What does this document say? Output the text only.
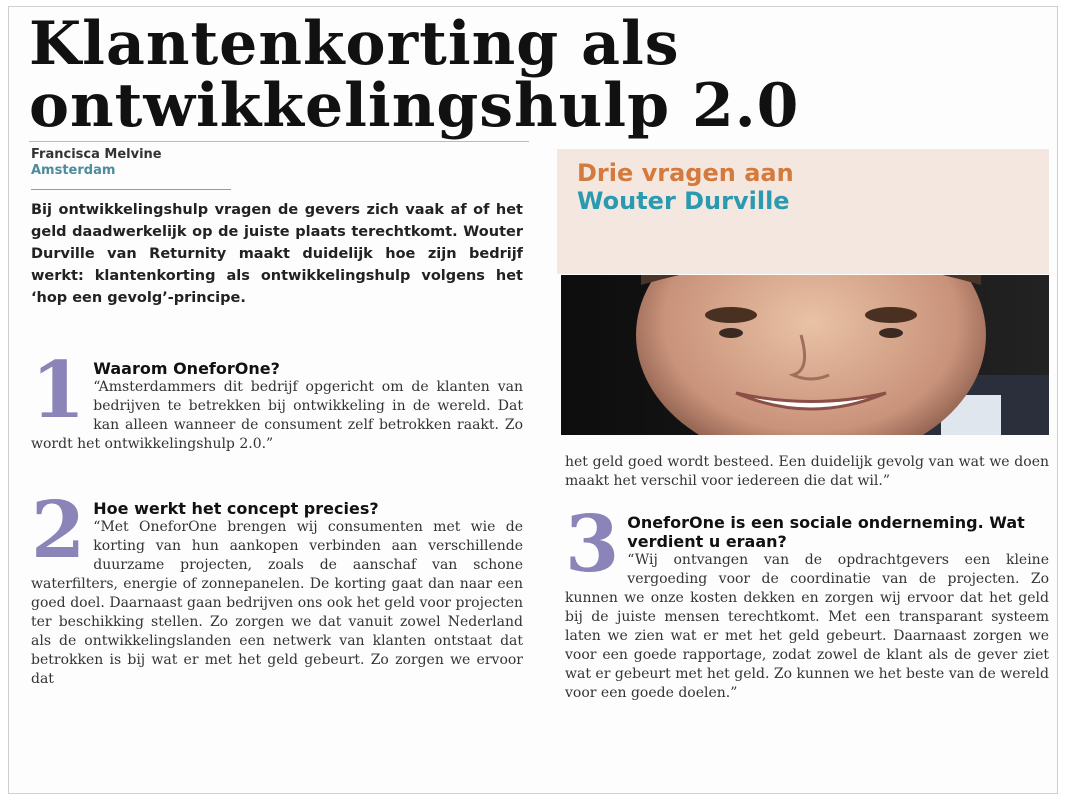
Klantenkorting als
ontwikkelingshulp 2.0
Francisca Melvine
Amsterdam
Bij ontwikkelingshulp vragen de gevers zich vaak af of het geld daadwerkelijk op de juiste plaats terechtkomt. Wouter Durville van Returnity maakt duidelijk hoe zijn bedrijf werkt: klantenkorting als ontwikkelingshulp volgens het ‘hop een gevolg’-principe.
1 Waarom OneforOne?
“Amsterdammers dit bedrijf opgericht om de klanten van bedrijven te betrekken bij ontwikkeling in de wereld. Dat kan alleen wanneer de consument zelf betrokken raakt. Zo wordt het ontwikkelingshulp 2.0.”
2 Hoe werkt het concept precies?
“Met OneforOne brengen wij consumenten met wie de korting van hun aankopen verbinden aan verschillende duurzame projecten, zoals de aanschaf van schone waterfilters, energie of zonnepanelen. De korting gaat dan naar een goed doel. Daarnaast gaan bedrijven ons ook het geld voor projecten ter beschikking stellen. Zo zorgen we dat vanuit zowel Nederland als de ontwikkelingslanden een netwerk van klanten ontstaat dat betrokken is bij wat er met het geld gebeurt. Zo zorgen we ervoor dat
Drie vragen aan
Wouter Durville
het geld goed wordt besteed. Een duidelijk gevolg van wat we doen maakt het verschil voor iedereen die dat wil.”
3 OneforOne is een sociale onderneming. Wat verdient u eraan?
“Wij ontvangen van de opdrachtgevers een kleine vergoeding voor de coordinatie van de projecten. Zo kunnen we onze kosten dekken en zorgen wij ervoor dat het geld bij de juiste mensen terechtkomt. Met een transparant systeem laten we zien wat er met het geld gebeurt. Daarnaast zorgen we voor een goede rapportage, zodat zowel de klant als de gever ziet wat er gebeurt met het geld. Zo kunnen we het beste van de wereld voor een goede doelen.”
